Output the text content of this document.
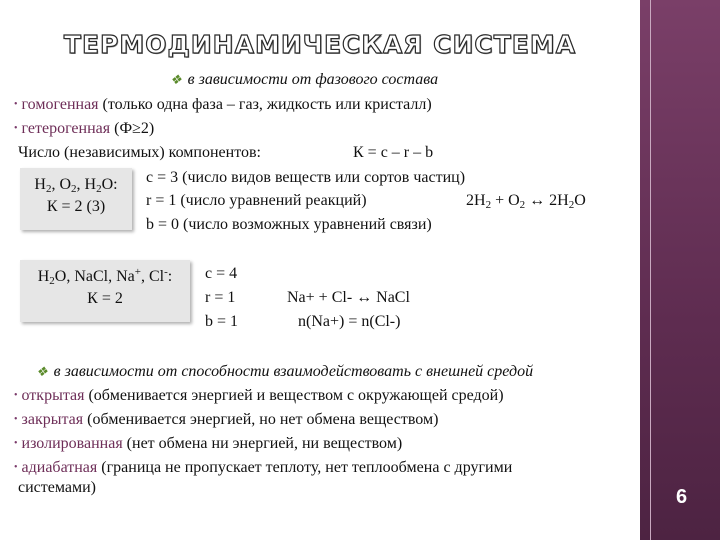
6
ТЕРМОДИНАМИЧЕСКАЯ СИСТЕМА
❖ в зависимости от фазового состава
• гомогенная (только одна фаза – газ, жидкость или кристалл)
• гетерогенная (Ф≥2)
Число (независимых) компонентов:	К = c – r – b
$H_2$, $O_2$, $H_2O$:
К = 2 (3)
c = 3 (число видов веществ или сортов частиц)
r = 1 (число уравнений реакций)	$2H_2 + O_2$ ↔ $2H_2O$
b = 0 (число возможных уравнений связи)
$H_2O$, NaCl, Na+, Cl-:
К = 2
c = 4
r = 1
b = 1
Na+ + Cl- ↔ NaCl
n(Na+) = n(Cl-)
❖ в зависимости от способности взаимодействовать с внешней средой
• открытая (обменивается энергией и веществом с окружающей средой)
• закрытая (обменивается энергией, но нет обмена веществом)
• изолированная (нет обмена ни энергией, ни веществом)
• адиабатная (граница не пропускает теплоту, нет теплообмена с другими
системами)
